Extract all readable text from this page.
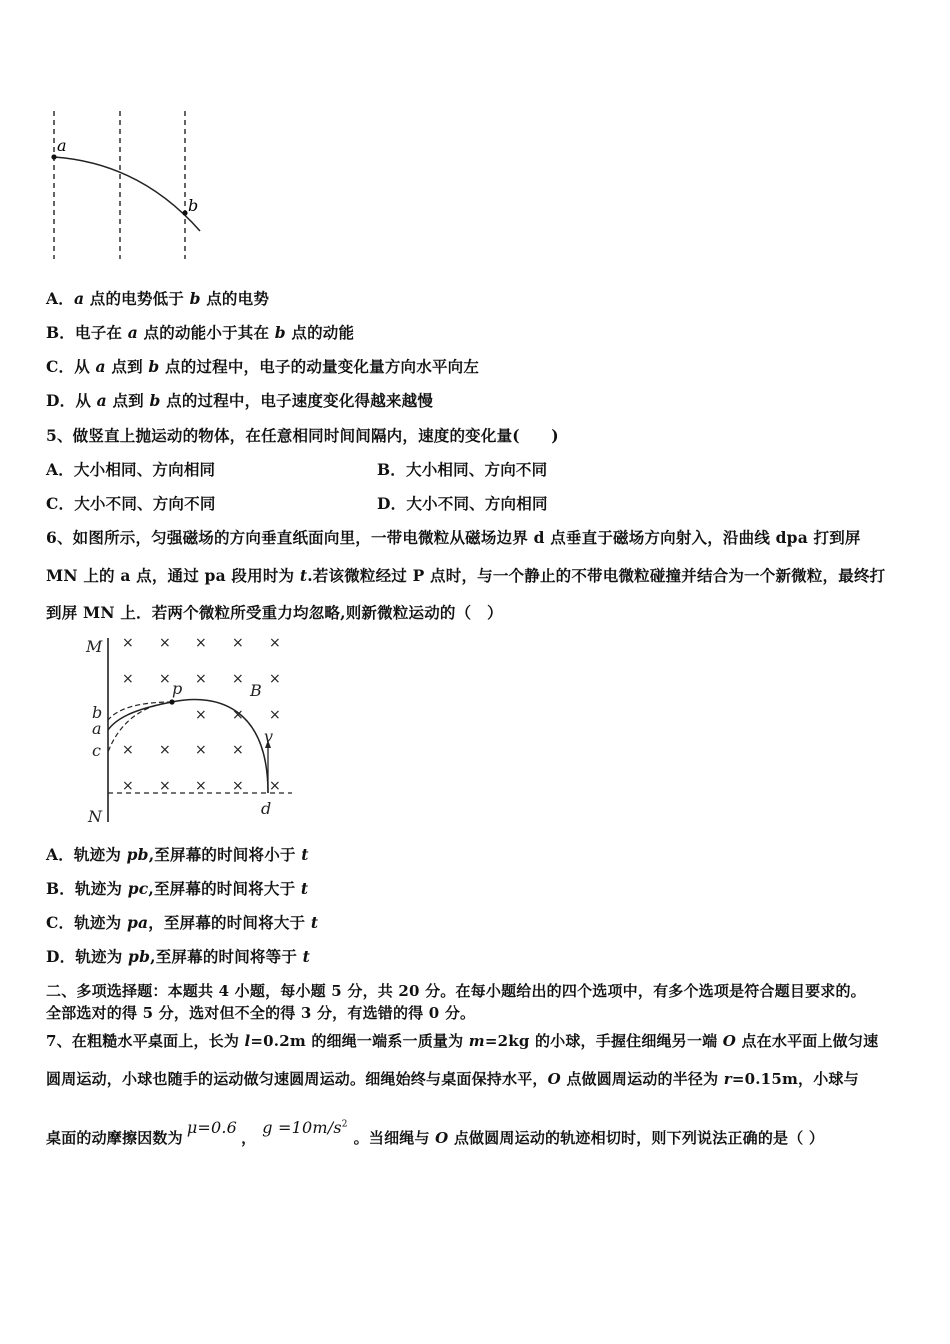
a
b
A．a 点的电势低于 b 点的电势
B．电子在 a 点的动能小于其在 b 点的动能
C．从 a 点到 b 点的过程中，电子的动量变化量方向水平向左
D．从 a 点到 b 点的过程中，电子速度变化得越来越慢
5、做竖直上抛运动的物体，在任意相同时间间隔内，速度的变化量(　　)
A．大小相同、方向相同	B．大小相同、方向不同
C．大小不同、方向不同	D．大小不同、方向相同
6、如图所示，匀强磁场的方向垂直纸面向里，一带电微粒从磁场边界 d 点垂直于磁场方向射入，沿曲线 dpa 打到屏
MN 上的 a 点，通过 pa 段用时为 t.若该微粒经过 P 点时，与一个静止的不带电微粒碰撞并结合为一个新微粒，最终打
到屏 MN 上．若两个微粒所受重力均忽略,则新微粒运动的（　）
× × × × ×
× × × × ×
× × ×
× × × ×
× × × × ×
M
N
b
a
c
p	B
v
d
A．轨迹为 pb,至屏幕的时间将小于 t
B．轨迹为 pc,至屏幕的时间将大于 t
C．轨迹为 pa，至屏幕的时间将大于 t
D．轨迹为 pb,至屏幕的时间将等于 t
二、多项选择题：本题共 4 小题，每小题 5 分，共 20 分。在每小题给出的四个选项中，有多个选项是符合题目要求的。
全部选对的得 5 分，选对但不全的得 3 分，有选错的得 0 分。
7、在粗糙水平桌面上，长为 l=0.2m 的细绳一端系一质量为 m=2kg 的小球，手握住细绳另一端 O 点在水平面上做匀速
圆周运动，小球也随手的运动做匀速圆周运动。细绳始终与桌面保持水平，O 点做圆周运动的半径为 r=0.15m，小球与
桌面的动摩擦因数为μ=0.6，$g =10m/s^2$。当细绳与 O 点做圆周运动的轨迹相切时，则下列说法正确的是（ ）
